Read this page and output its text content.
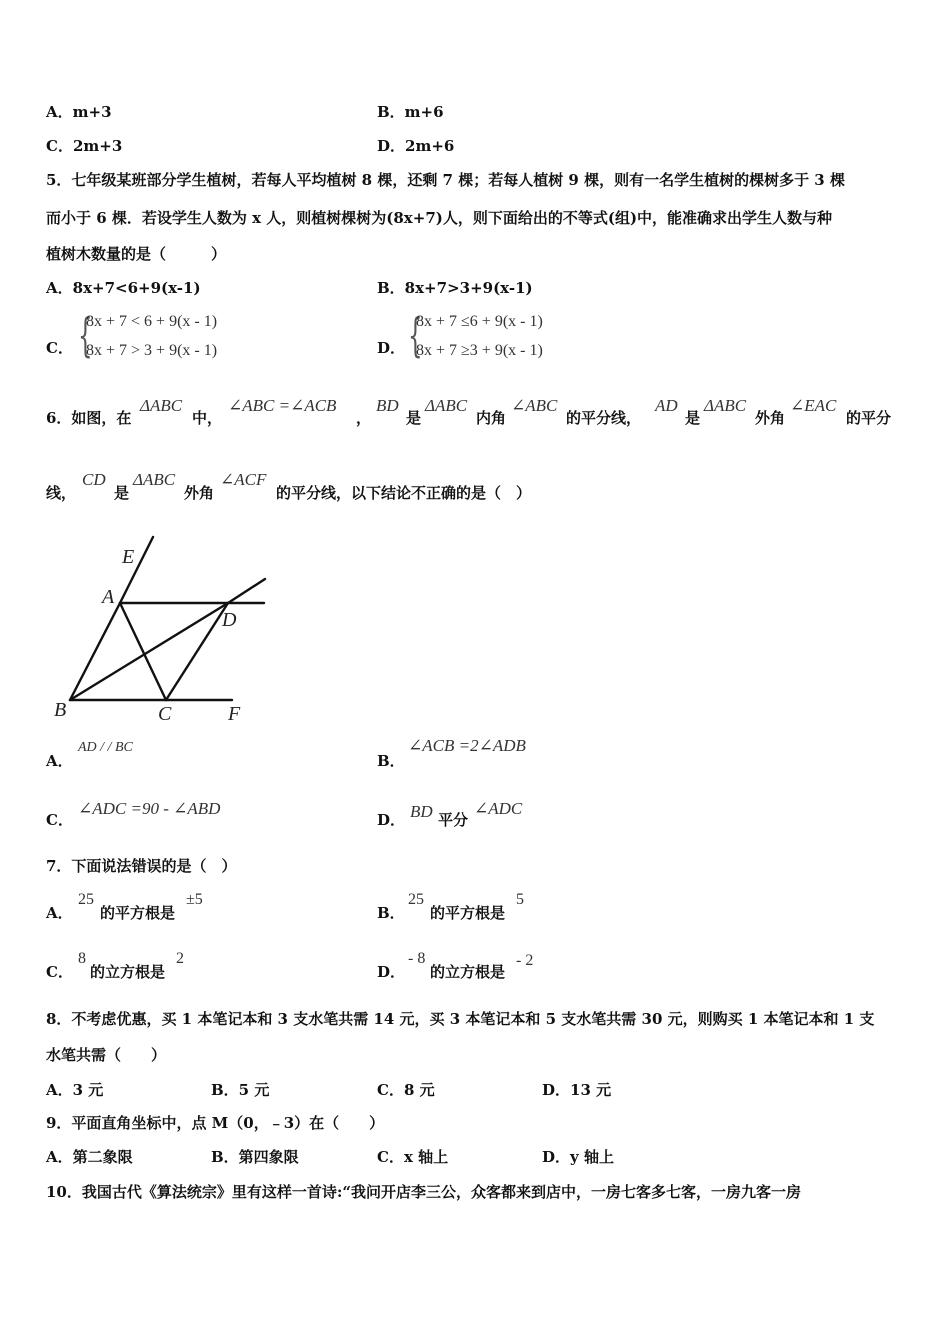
A．m+3	B．m+6
C．2m+3	D．2m+6
5．七年级某班部分学生植树，若每人平均植树 8 棵，还剩 7 棵；若每人植树 9 棵，则有一名学生植树的棵树多于 3 棵
而小于 6 棵．若设学生人数为 x 人，则植树棵树为(8x+7)人，则下面给出的不等式(组)中，能准确求出学生人数与种
植树木数量的是（　　　）
A．8x+7<6+9(x-1)	B．8x+7>3+9(x-1)
C． {
8x + 7 < 6 + 9(x - 1)
8x + 7 > 3 + 9(x - 1)	D． {
8x + 7 ≤6 + 9(x - 1)
8x + 7 ≥3 + 9(x - 1)
6．如图，在
ΔABC
中，
∠ABC =∠ACB
，
BD
是
ΔABC
内角
∠ABC
的平分线，
AD
是
ΔABC
外角
∠EAC
的平分
线，
CD
是
ΔABC
外角
∠ACF
的平分线，以下结论不正确的是（　）
E
A
D
B	C	F
A．
AD / / BC
B．
∠ACB =2∠ADB
C．
∠ADC =90 - ∠ABD
D． BD 平分
∠ADC
7．下面说法错误的是（　）
A．
25
的平方根是
±5
B．
25
的平方根是
5
C．
8
的立方根是
2
D．
- 8
的立方根是
- 2
8．不考虑优惠，买 1 本笔记本和 3 支水笔共需 14 元，买 3 本笔记本和 5 支水笔共需 30 元，则购买 1 本笔记本和 1 支
水笔共需（　　）
A．3 元	B．5 元	C．8 元	D．13 元
9．平面直角坐标中，点 M（0，﹣3）在（　　）
A．第二象限	B．第四象限	C．x 轴上	D．y 轴上
10．我国古代《算法统宗》里有这样一首诗:“我问开店李三公，众客都来到店中，一房七客多七客，一房九客一房
